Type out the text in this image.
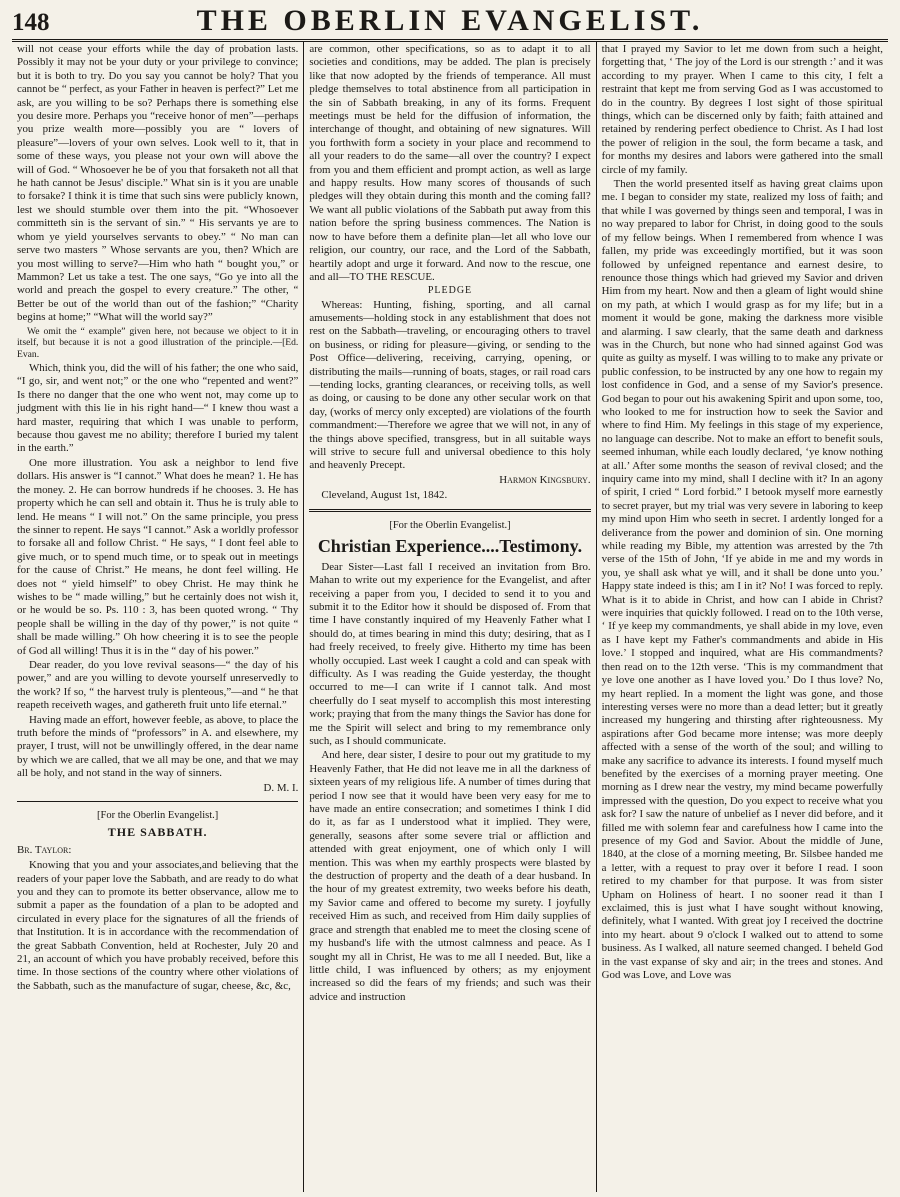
148	THE OBERLIN EVANGELIST.

will not cease your efforts while the day of probation lasts. Possibly it may not be your duty or your privilege to convince; but it is both to try. Do you say you cannot be holy? That you cannot be “ perfect, as your Father in heaven is perfect?” Let me ask, are you willing to be so? Perhaps there is something else you desire more. Perhaps you “receive honor of men”—perhaps you prize wealth more—possibly you are “ lovers of pleasure”—lovers of your own selves. Look well to it, that in some of these ways, you please not your own will above the will of God. “ Whosoever he be of you that forsaketh not all that he hath cannot be Jesus' disciple.” What sin is it you are unable to forsake? I think it is time that such sins were publicly known, lest we should stumble over them into the pit. “Whosoever committeth sin is the servant of sin.” “ His servants ye are to whom ye yield yourselves servants to obey.” “ No man can serve two masters ” Whose servants are you, then? Which are you most willing to serve?—Him who hath “ bought you,” or Mammon? Let us take a test. The one says, “Go ye into all the world and preach the gospel to every creature.” The other, “ Better be out of the world than out of the fashion;” “Charity begins at home;” “What will the world say?”

We omit the “ example” given here, not because we object to it in itself, but because it is not a good illustration of the principle.—[Ed. Evan.

Which, think you, did the will of his father; the one who said, “I go, sir, and went not;” or the one who “repented and went?” Is there no danger that the one who went not, may come up to judgment with this lie in his right hand—“ I knew thou wast a hard master, requiring that which I was unable to perform, because thou gavest me no ability; therefore I buried my talent in the earth.”

One more illustration. You ask a neighbor to lend five dollars. His answer is “I cannot.” What does he mean? 1. He has the money. 2. He can borrow hundreds if he chooses. 3. He has property which he can sell and obtain it. Thus he is truly able to lend. He means “ I will not.” On the same principle, you press the sinner to repent. He says “I cannot.” Ask a worldly professor to forsake all and follow Christ. “ He says, “ I dont feel able to give much, or to spend much time, or to speak out in meetings for the cause of Christ.” He means, he dont feel willing. He does not “ yield himself” to obey Christ. He may think he wishes to be “ made willing,” but he certainly does not wish it, or he would be so. Ps. 110 : 3, has been quoted wrong. “ Thy people shall be willing in the day of thy power,” is not quite “ shall be made willing.” Oh how cheering it is to see the people of God all willing! Thus it is in the “ day of his power.”

Dear reader, do you love revival seasons—“ the day of his power,” and are you willing to devote yourself unreservedly to the work? If so, “ the harvest truly is plenteous,”—and “ he that reapeth receiveth wages, and gathereth fruit unto life eternal.”

Having made an effort, however feeble, as above, to place the truth before the minds of “professors” in A. and elsewhere, my prayer, I trust, will not be unwillingly offered, in the dear name by which we are called, that we all may be one, and that we may all be holy, and not stand in the way of sinners.

D. M. I.

[For the Oberlin Evangelist.]

THE SABBATH.

Br. Taylor:

Knowing that you and your associates,and believing that the readers of your paper love the Sabbath, and are ready to do what you and they can to promote its better observance, allow me to submit a paper as the foundation of a plan to be adopted and circulated in every place for the signatures of all the friends of that Institution. It is in accordance with the recommendation of the great Sabbath Convention, held at Rochester, July 20 and 21, an account of which you have probably received, before this time. In those sections of the country where other violations of the Sabbath, such as the manufacture of sugar, cheese, &c, &c,

are common, other specifications, so as to adapt it to all societies and conditions, may be added. The plan is precisely like that now adopted by the friends of temperance. All must pledge themselves to total abstinence from all participation in the sin of Sabbath breaking, in any of its forms. Frequent meetings must be held for the diffusion of information, the interchange of thought, and obtaining of new signatures. Will you forthwith form a society in your place and recommend to all your readers to do the same—all over the country? I expect from you and them efficient and prompt action, as well as large and happy results. How many scores of thousands of such pledges will they obtain during this month and the coming fall? We want all public violations of the Sabbath put away from this nation before the spring business commences. The Nation is now to have before them a definite plan—let all who love our religion, our country, our race, and the Lord of the Sabbath, heartily adopt and urge it forward. And now to the rescue, one and all—TO THE RESCUE.

PLEDGE

Whereas: Hunting, fishing, sporting, and all carnal amusements—holding stock in any establishment that does not rest on the Sabbath—traveling, or encouraging others to travel on business, or riding for pleasure—giving, or sending to the Post Office—delivering, receiving, carrying, opening, or distributing the mails—running of boats, stages, or rail road cars—tending locks, granting clearances, or receiving tolls, as well as doing, or causing to be done any other secular work on that day, (works of mercy only excepted) are violations of the fourth commandment:—Therefore we agree that we will not, in any of the things above specified, transgress, but in all suitable ways will strive to secure full and universal obedience to this holy and heavenly Precept.

Harmon Kingsbury.

Cleveland, August 1st, 1842.

[For the Oberlin Evangelist.]

Christian Experience....Testimony.

Dear Sister—Last fall I received an invitation from Bro. Mahan to write out my experience for the Evangelist, and after receiving a paper from you, I decided to send it to you and submit it to the Editor how it should be disposed of. From that time I have constantly inquired of my Heavenly Father what I should do, at times bearing in mind this duty; desiring, that as I had freely received, to freely give. Hitherto my time has been wholly occupied. Last week I caught a cold and can speak with difficulty. As I was reading the Guide yesterday, the thought occurred to me—I can write if I cannot talk. And most cheerfully do I seat myself to accomplish this most interesting work; praying that from the many things the Savior has done for me the Spirit will select and bring to my remembrance only such, as I should communicate.

And here, dear sister, I desire to pour out my gratitude to my Heavenly Father, that He did not leave me in all the darkness of sixteen years of my religious life. A number of times during that period I now see that it would have been very easy for me to have made an entire consecration; and sometimes I think I did do it, as far as I understood what it implied. They were, generally, seasons after some severe trial or affliction and attended with great enjoyment, one of which only I will mention. This was when my earthly prospects were blasted by the destruction of property and the death of a dear husband. In the hour of my greatest extremity, two weeks before his death, my Savior came and offered to become my surety. I joyfully received Him as such, and received from Him daily supplies of grace and strength that enabled me to meet the closing scene of my husband's life with the utmost calmness and peace. As I sought my all in Christ, He was to me all I needed. But, like a little child, I was influenced by others; as my enjoyment increased so did the fears of my friends; and such was their advice and instruction

that I prayed my Savior to let me down from such a height, forgetting that, ‘ The joy of the Lord is our strength :’ and it was according to my prayer. When I came to this city, I felt a restraint that kept me from serving God as I was accustomed to do in the country. By degrees I lost sight of those spiritual things, which can be discerned only by faith; faith attained and retained by rendering perfect obedience to Christ. As I had lost the power of religion in the soul, the form became a task, and for months my desires and labors were gathered into the small circle of my family.

Then the world presented itself as having great claims upon me. I began to consider my state, realized my loss of faith; and that while I was governed by things seen and temporal, I was in no way prepared to labor for Christ, in doing good to the souls of my fellow beings. When I remembered from whence I was fallen, my pride was exceedingly mortified, but it was soon followed by unfeigned repentance and earnest desire, to renounce those things which had grieved my Savior and driven Him from my heart. Now and then a gleam of light would shine on my path, at which I would grasp as for my life; but in a moment it would be gone, making the darkness more visible and alarming. I saw clearly, that the same death and darkness was in the Church, but none who had sinned against God was quite as guilty as myself. I was willing to to make any private or public confession, to be instructed by any one how to regain my lost confidence in God, and a sense of my Savior's presence. God began to pour out his awakening Spirit and upon some, too, who looked to me for instruction how to seek the Savior and where to find Him. My feelings in this stage of my experience, no language can describe. Not to make an effort to benefit souls, seemed inhuman, while each loudly declared, ‘ye know nothing at all.’ After some months the season of revival closed; and the inquiry came into my mind, shall I decline with it? In an agony of spirit, I cried “ Lord forbid.” I betook myself more earnestly to secret prayer, but my trial was very severe in laboring to keep my mind upon Him who seeth in secret. I ardently longed for a deliverance from the power and dominion of sin. One morning while reading my Bible, my attention was arrested by the 7th verse of the 15th of John, ‘If ye abide in me and my words in you, ye shall ask what ye will, and it shall be done unto you.’ Happy state indeed is this; am I in it? No! I was forced to reply. What is it to abide in Christ, and how can I abide in Christ? were inquiries that quickly followed. I read on to the 10th verse, ‘ If ye keep my commandments, ye shall abide in my love, even as I have kept my Father's commandments and abide in His love.’ I stopped and inquired, what are His commandments? then read on to the 12th verse. ‘This is my commandment that ye love one another as I have loved you.’ Do I thus love? No, my heart replied. In a moment the light was gone, and those interesting verses were no more than a dead letter; but it greatly increased my hungering and thirsting after righteousness. My aspirations after God became more intense; was more deeply affected with a sense of the worth of the soul; and willing to make any sacrifice to advance its interests. I found myself much benefited by the exercises of a morning prayer meeting. One morning as I drew near the vestry, my mind became powerfully impressed with the question, Do you expect to receive what you ask for? I saw the nature of unbelief as I never did before, and it filled me with solemn fear and carefulness how I came into the presence of my God and Savior. About the middle of June, 1840, at the close of a morning meeting, Br. Silsbee handed me a letter, with a request to pray over it before I read. I soon retired to my chamber for that purpose. It was from sister Upham on Holiness of heart. I no sooner read it than I exclaimed, this is just what I have sought without knowing, definitely, what I wanted. With great joy I received the doctrine into my heart. about 9 o'clock I walked out to attend to some business. As I walked, all nature seemed changed. I beheld God in the vast expanse of sky and air; in the trees and stones. And God was Love, and Love was
